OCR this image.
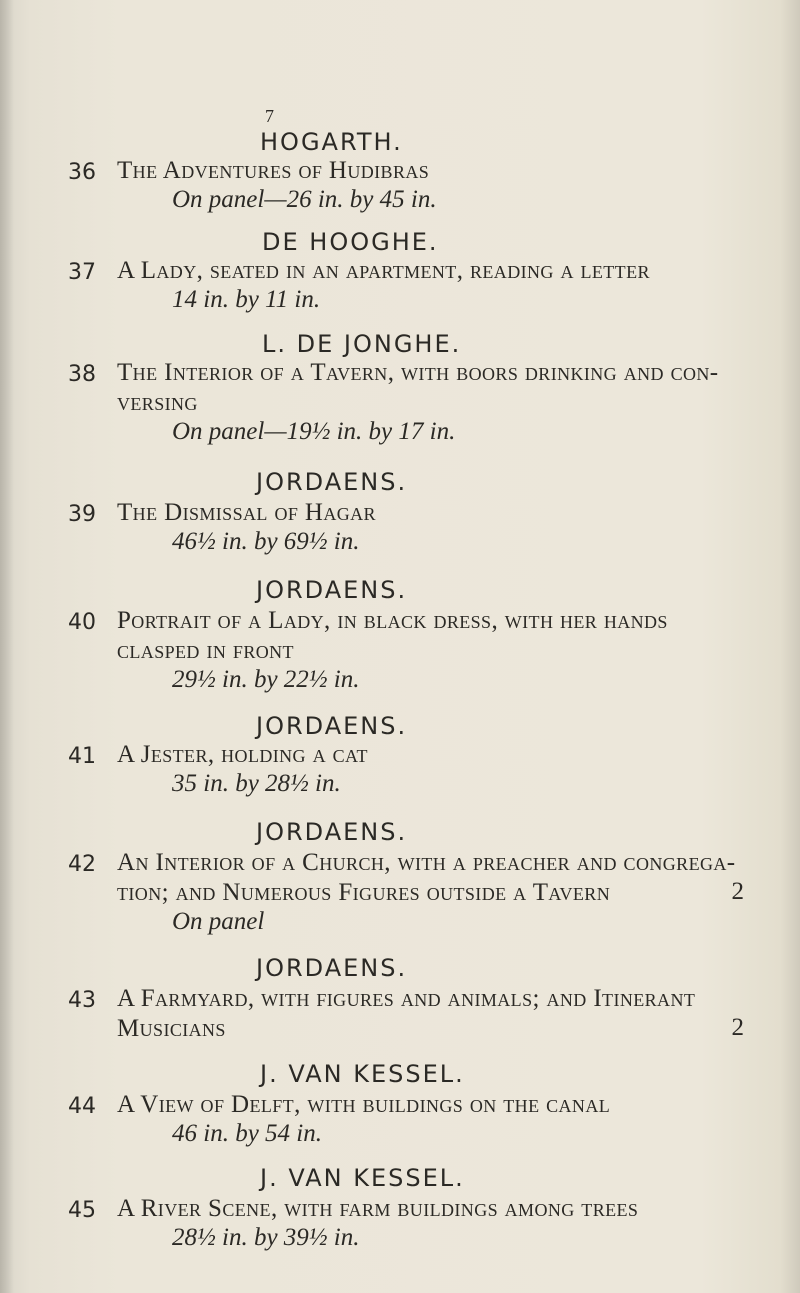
7
HOGARTH.
36 The Adventures of Hudibras
On panel—26 in. by 45 in.
DE HOOGHE.
37 A Lady, seated in an apartment, reading a letter
14 in. by 11 in.
L. DE JONGHE.
38 The Interior of a Tavern, with boors drinking and con- versing
On panel—19½ in. by 17 in.
JORDAENS.
39 The Dismissal of Hagar
46½ in. by 69½ in.
JORDAENS.
40 Portrait of a Lady, in black dress, with her hands clasped in front
29½ in. by 22½ in.
JORDAENS.
41 A Jester, holding a cat
35 in. by 28½ in.
JORDAENS.
42 An Interior of a Church, with a preacher and congrega- tion; and Numerous Figures outside a Tavern	2
On panel
JORDAENS.
43 A Farmyard, with figures and animals; and Itinerant Musicians	2
J. VAN KESSEL.
44 A View of Delft, with buildings on the canal
46 in. by 54 in.
J. VAN KESSEL.
45 A River Scene, with farm buildings among trees
28½ in. by 39½ in.
